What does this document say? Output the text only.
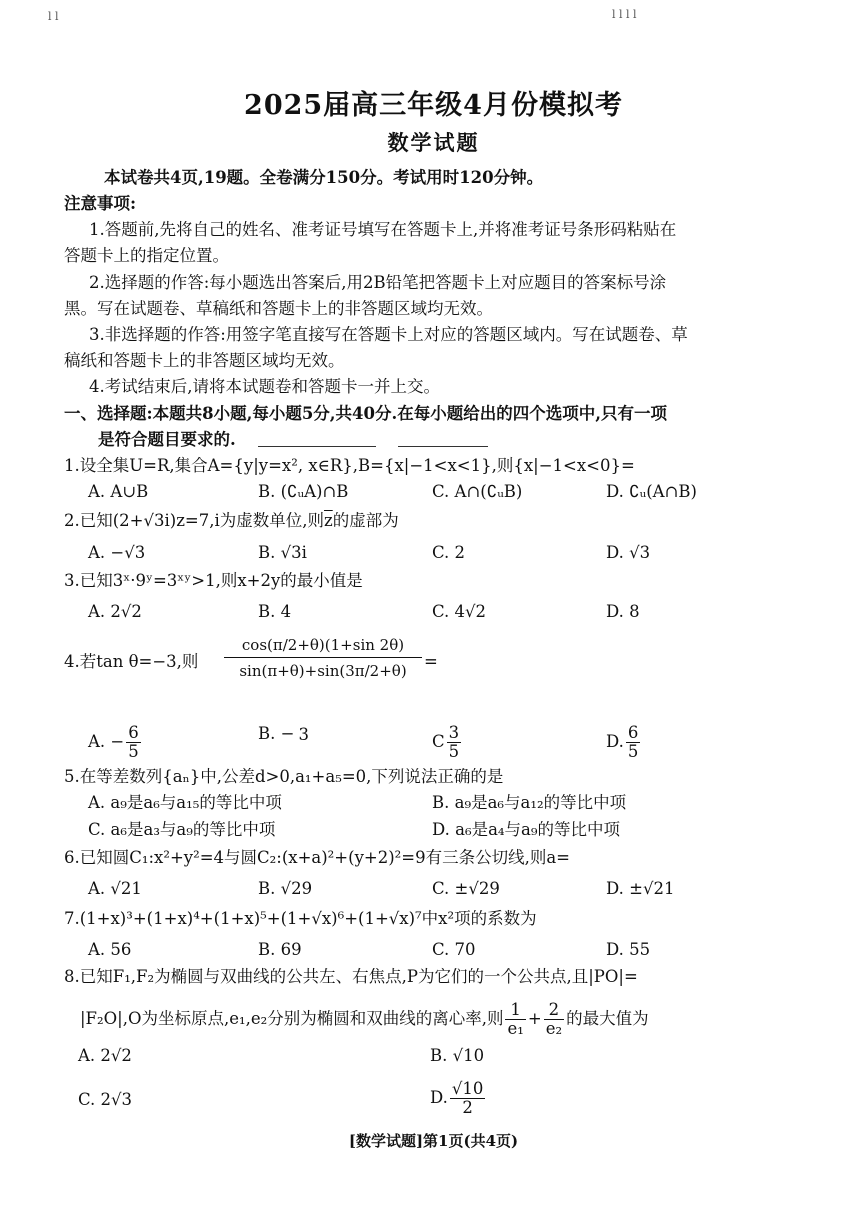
l l	l l l l
2025届高三年级4月份模拟考
数学试题
本试卷共4页,19题。全卷满分150分。考试用时120分钟。
注意事项:
1.答题前,先将自己的姓名、准考证号填写在答题卡上,并将准考证号条形码粘贴在
答题卡上的指定位置。
2.选择题的作答:每小题选出答案后,用2B铅笔把答题卡上对应题目的答案标号涂
黑。写在试题卷、草稿纸和答题卡上的非答题区域均无效。
3.非选择题的作答:用签字笔直接写在答题卡上对应的答题区域内。写在试题卷、草
稿纸和答题卡上的非答题区域均无效。
4.考试结束后,请将本试题卷和答题卡一并上交。
一、选择题:本题共8小题,每小题5分,共40分.在每小题给出的四个选项中,只有一项
是符合题目要求的.
1.设全集U=R,集合A={y|y=x², x∈R},B={x|−1<x<1},则{x|−1<x<0}=
A. A∪B	B. (∁ᵤA)∩B	C. A∩(∁ᵤB)	D. ∁ᵤ(A∩B)
2.已知(2+√3i)z=7,i为虚数单位,则$\overline{z}$的虚部为
A. −√3	B. √3i	C. 2	D. √3
3.已知3ˣ·9ʸ=3ˣʸ>1,则x+2y的最小值是
A. 2√2	B. 4	C. 4√2	D. 8
4.若tan θ=−3,则 $\frac{\cos(\pi/2+\theta)(1+\sin 2\theta)}{\sin(\pi+\theta)+\sin(3\pi/2+\theta)}$ =
A. − $\frac{6}{5}$	B. − 3	C $\frac{3}{5}$	D. $\frac{6}{5}$
5.在等差数列{aₙ}中,公差d>0,a₁+a₅=0,下列说法正确的是
A. a₉是a₆与a₁₅的等比中项	B. a₉是a₆与a₁₂的等比中项
C. a₆是a₃与a₉的等比中项	D. a₆是a₄与a₉的等比中项
6.已知圆C₁:x²+y²=4与圆C₂:(x+a)²+(y+2)²=9有三条公切线,则a=
A. √21	B. √29	C. ±√29	D. ±√21
7.(1+x)³+(1+x)⁴+(1+x)⁵+(1+√x)⁶+(1+√x)⁷中x²项的系数为
A. 56	B. 69	C. 70	D. 55
8.已知F₁,F₂为椭圆与双曲线的公共左、右焦点,P为它们的一个公共点,且|PO|=
|F₂O|,O为坐标原点,e₁,e₂分别为椭圆和双曲线的离心率,则 $\frac{1}{\text{e₁}} + \frac{2}{\text{e₂}}$ 的最大值为
A. 2√2	B. √10
C. 2√3	D. $\frac{√10}{2}$
[数学试题]第1页(共4页)
